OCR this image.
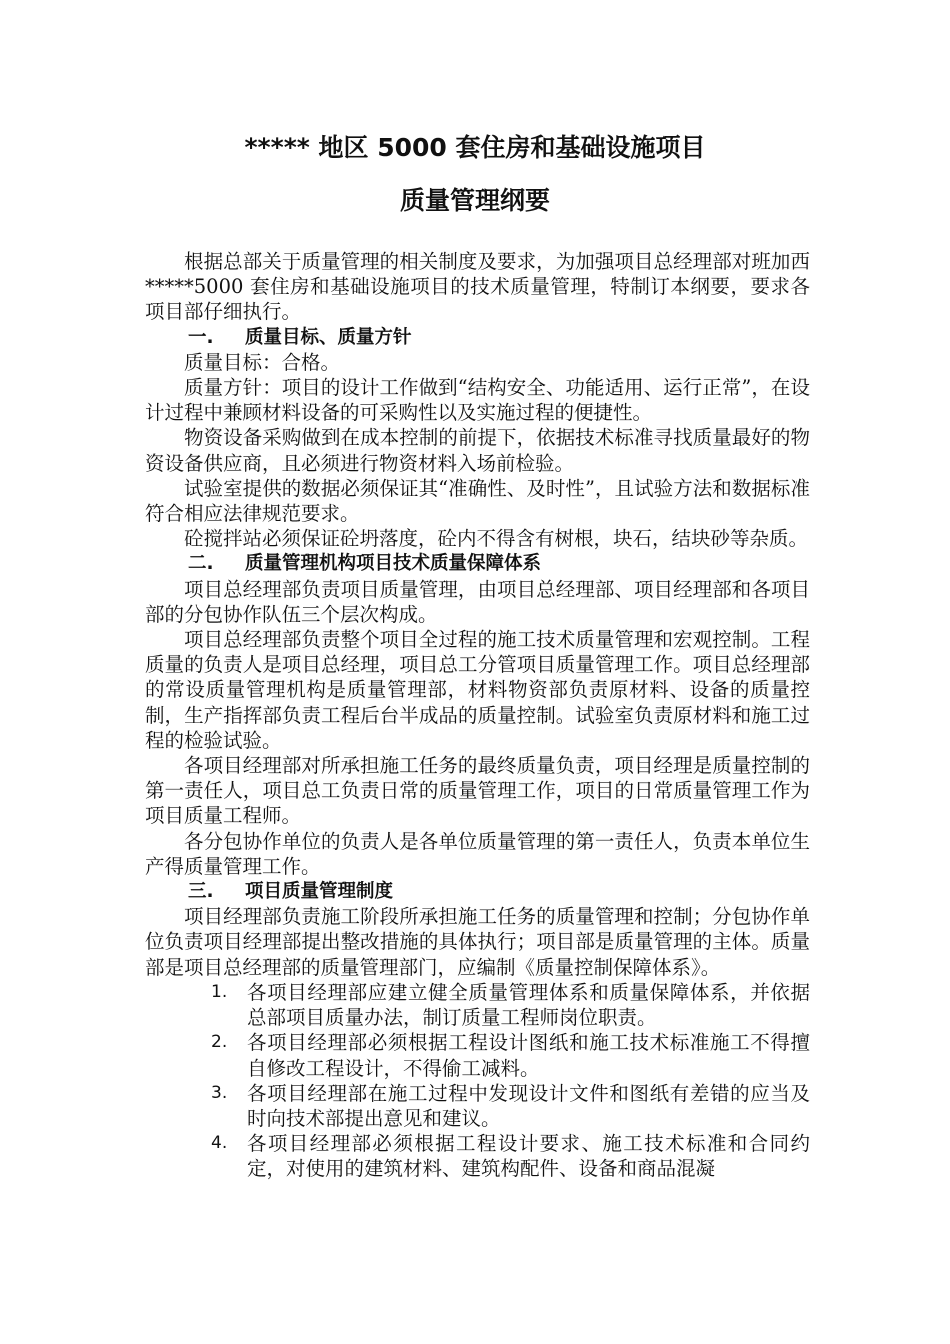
***** 地区 5000 套住房和基础设施项目
质量管理纲要

根据总部关于质量管理的相关制度及要求，为加强项目总经理部对班加西*****5000 套住房和基础设施项目的技术质量管理，特制订本纲要，要求各项目部仔细执行。

一. 质量目标、质量方针

质量目标：合格。

质量方针：项目的设计工作做到“结构安全、功能适用、运行正常”，在设计过程中兼顾材料设备的可采购性以及实施过程的便捷性。

物资设备采购做到在成本控制的前提下，依据技术标准寻找质量最好的物资设备供应商，且必须进行物资材料入场前检验。

试验室提供的数据必须保证其“准确性、及时性”，且试验方法和数据标准符合相应法律规范要求。

砼搅拌站必须保证砼坍落度，砼内不得含有树根，块石，结块砂等杂质。

二. 质量管理机构项目技术质量保障体系

项目总经理部负责项目质量管理，由项目总经理部、项目经理部和各项目部的分包协作队伍三个层次构成。

项目总经理部负责整个项目全过程的施工技术质量管理和宏观控制。工程质量的负责人是项目总经理，项目总工分管项目质量管理工作。项目总经理部的常设质量管理机构是质量管理部，材料物资部负责原材料、设备的质量控制，生产指挥部负责工程后台半成品的质量控制。试验室负责原材料和施工过程的检验试验。

各项目经理部对所承担施工任务的最终质量负责，项目经理是质量控制的第一责任人，项目总工负责日常的质量管理工作，项目的日常质量管理工作为项目质量工程师。

各分包协作单位的负责人是各单位质量管理的第一责任人，负责本单位生产得质量管理工作。

三. 项目质量管理制度

项目经理部负责施工阶段所承担施工任务的质量管理和控制；分包协作单位负责项目经理部提出整改措施的具体执行；项目部是质量管理的主体。质量部是项目总经理部的质量管理部门，应编制《质量控制保障体系》。

1. 各项目经理部应建立健全质量管理体系和质量保障体系，并依据总部项目质量办法，制订质量工程师岗位职责。
2. 各项目经理部必须根据工程设计图纸和施工技术标准施工不得擅自修改工程设计，不得偷工减料。
3. 各项目经理部在施工过程中发现设计文件和图纸有差错的应当及时向技术部提出意见和建议。
4. 各项目经理部必须根据工程设计要求、施工技术标准和合同约定，对使用的建筑材料、建筑构配件、设备和商品混凝
